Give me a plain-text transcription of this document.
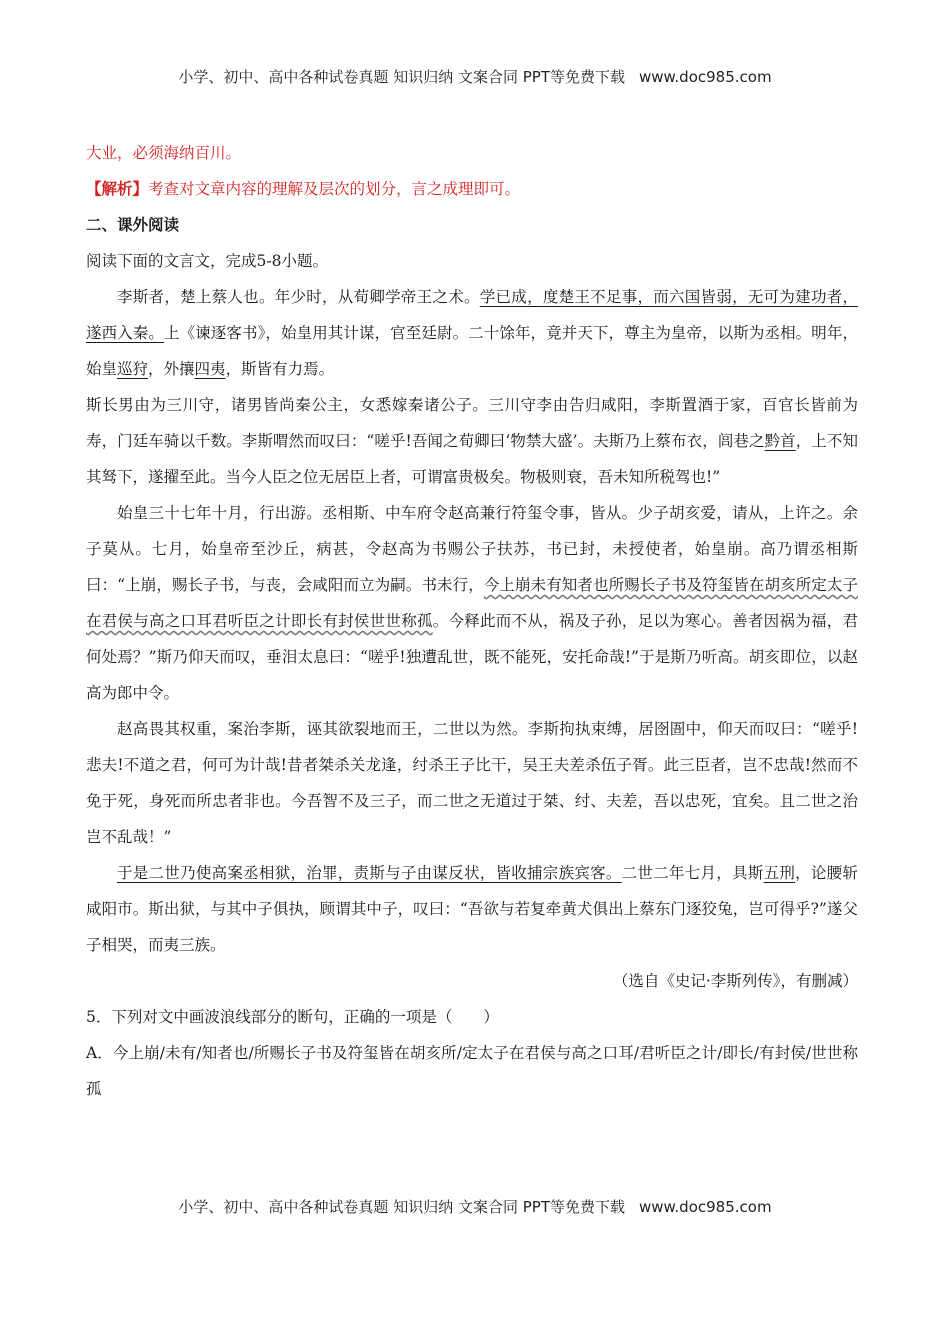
小学、初中、高中各种试卷真题 知识归纳 文案合同 PPT等免费下载 www.doc985.com

大业，必须海纳百川。

【解析】考查对文章内容的理解及层次的划分，言之成理即可。

二、课外阅读

阅读下面的文言文，完成5-8小题。

李斯者，楚上蔡人也。年少时，从荀卿学帝王之术。学已成，度楚王不足事，而六国皆弱，无可为建功者，遂西入秦。上《谏逐客书》，始皇用其计谋，官至廷尉。二十馀年，竟并天下，尊主为皇帝，以斯为丞相。明年，始皇巡狩，外攘四夷，斯皆有力焉。

斯长男由为三川守，诸男皆尚秦公主，女悉嫁秦诸公子。三川守李由告归咸阳，李斯置酒于家，百官长皆前为寿，门廷车骑以千数。李斯喟然而叹曰：“嗟乎!吾闻之荀卿曰‘物禁大盛’。夫斯乃上蔡布衣，闾巷之黔首，上不知其驽下，遂擢至此。当今人臣之位无居臣上者，可谓富贵极矣。物极则衰，吾未知所税驾也!”

始皇三十七年十月，行出游。丞相斯、中车府令赵高兼行符玺令事，皆从。少子胡亥爱，请从，上许之。余子莫从。七月，始皇帝至沙丘，病甚，令赵高为书赐公子扶苏，书已封，未授使者，始皇崩。高乃谓丞相斯曰：“上崩，赐长子书，与丧，会咸阳而立为嗣。书未行，今上崩未有知者也所赐长子书及符玺皆在胡亥所定太子在君侯与高之口耳君听臣之计即长有封侯世世称孤。今释此而不从，祸及子孙，足以为寒心。善者因祸为福，君何处焉？”斯乃仰天而叹，垂泪太息曰：“嗟乎!独遭乱世，既不能死，安托命哉!”于是斯乃听高。胡亥即位，以赵高为郎中令。

赵高畏其权重，案治李斯，诬其欲裂地而王，二世以为然。李斯拘执束缚，居囹圄中，仰天而叹曰：“嗟乎!悲夫!不道之君，何可为计哉!昔者桀杀关龙逢，纣杀王子比干，吴王夫差杀伍子胥。此三臣者，岂不忠哉!然而不免于死，身死而所忠者非也。今吾智不及三子，而二世之无道过于桀、纣、夫差，吾以忠死，宜矣。且二世之治岂不乱哉！”

于是二世乃使高案丞相狱，治罪，责斯与子由谋反状，皆收捕宗族宾客。二世二年七月，具斯五刑，论腰斩咸阳市。斯出狱，与其中子俱执，顾谓其中子，叹曰：“吾欲与若复牵黄犬俱出上蔡东门逐狡兔，岂可得乎?”遂父子相哭，而夷三族。

（选自《史记·李斯列传》，有删减）

5．下列对文中画波浪线部分的断句，正确的一项是（　　）

A．今上崩/未有/知者也/所赐长子书及符玺皆在胡亥所/定太子在君侯与高之口耳/君听臣之计/即长/有封侯/世世称孤

小学、初中、高中各种试卷真题 知识归纳 文案合同 PPT等免费下载 www.doc985.com
